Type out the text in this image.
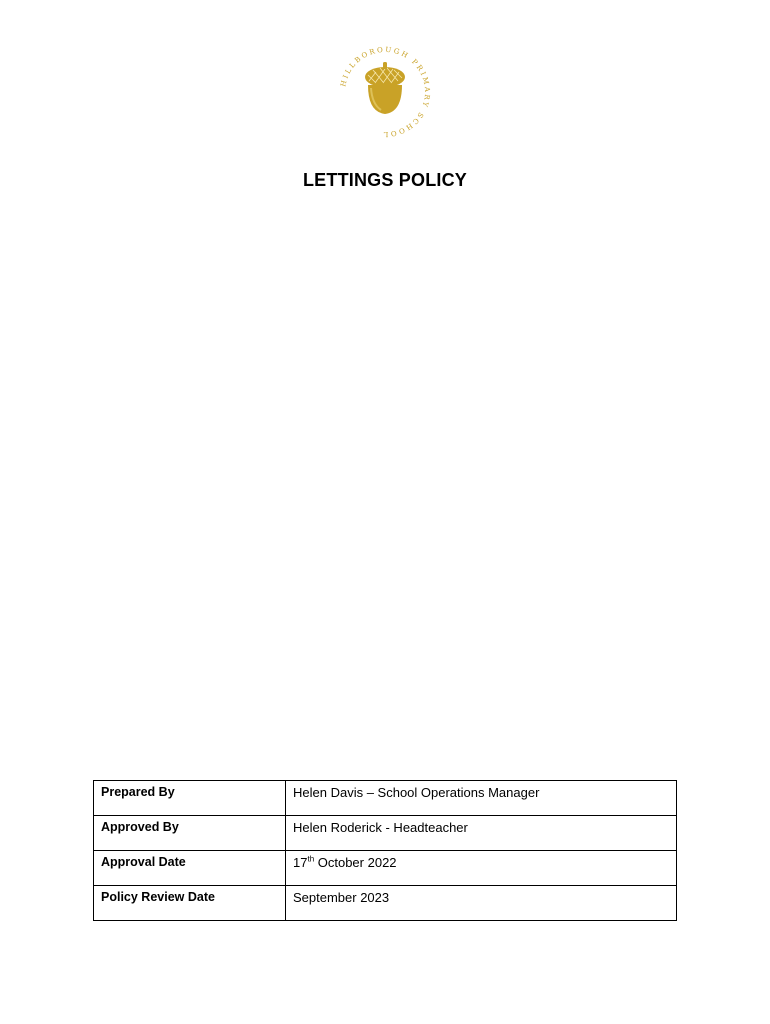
HILLBOROUGH PRIMARY SCHOOL
LETTINGS POLICY
Prepared By	Helen Davis – School Operations Manager
Approved By	Helen Roderick - Headteacher
Approval Date	17th October 2022
Policy Review Date	September 2023
